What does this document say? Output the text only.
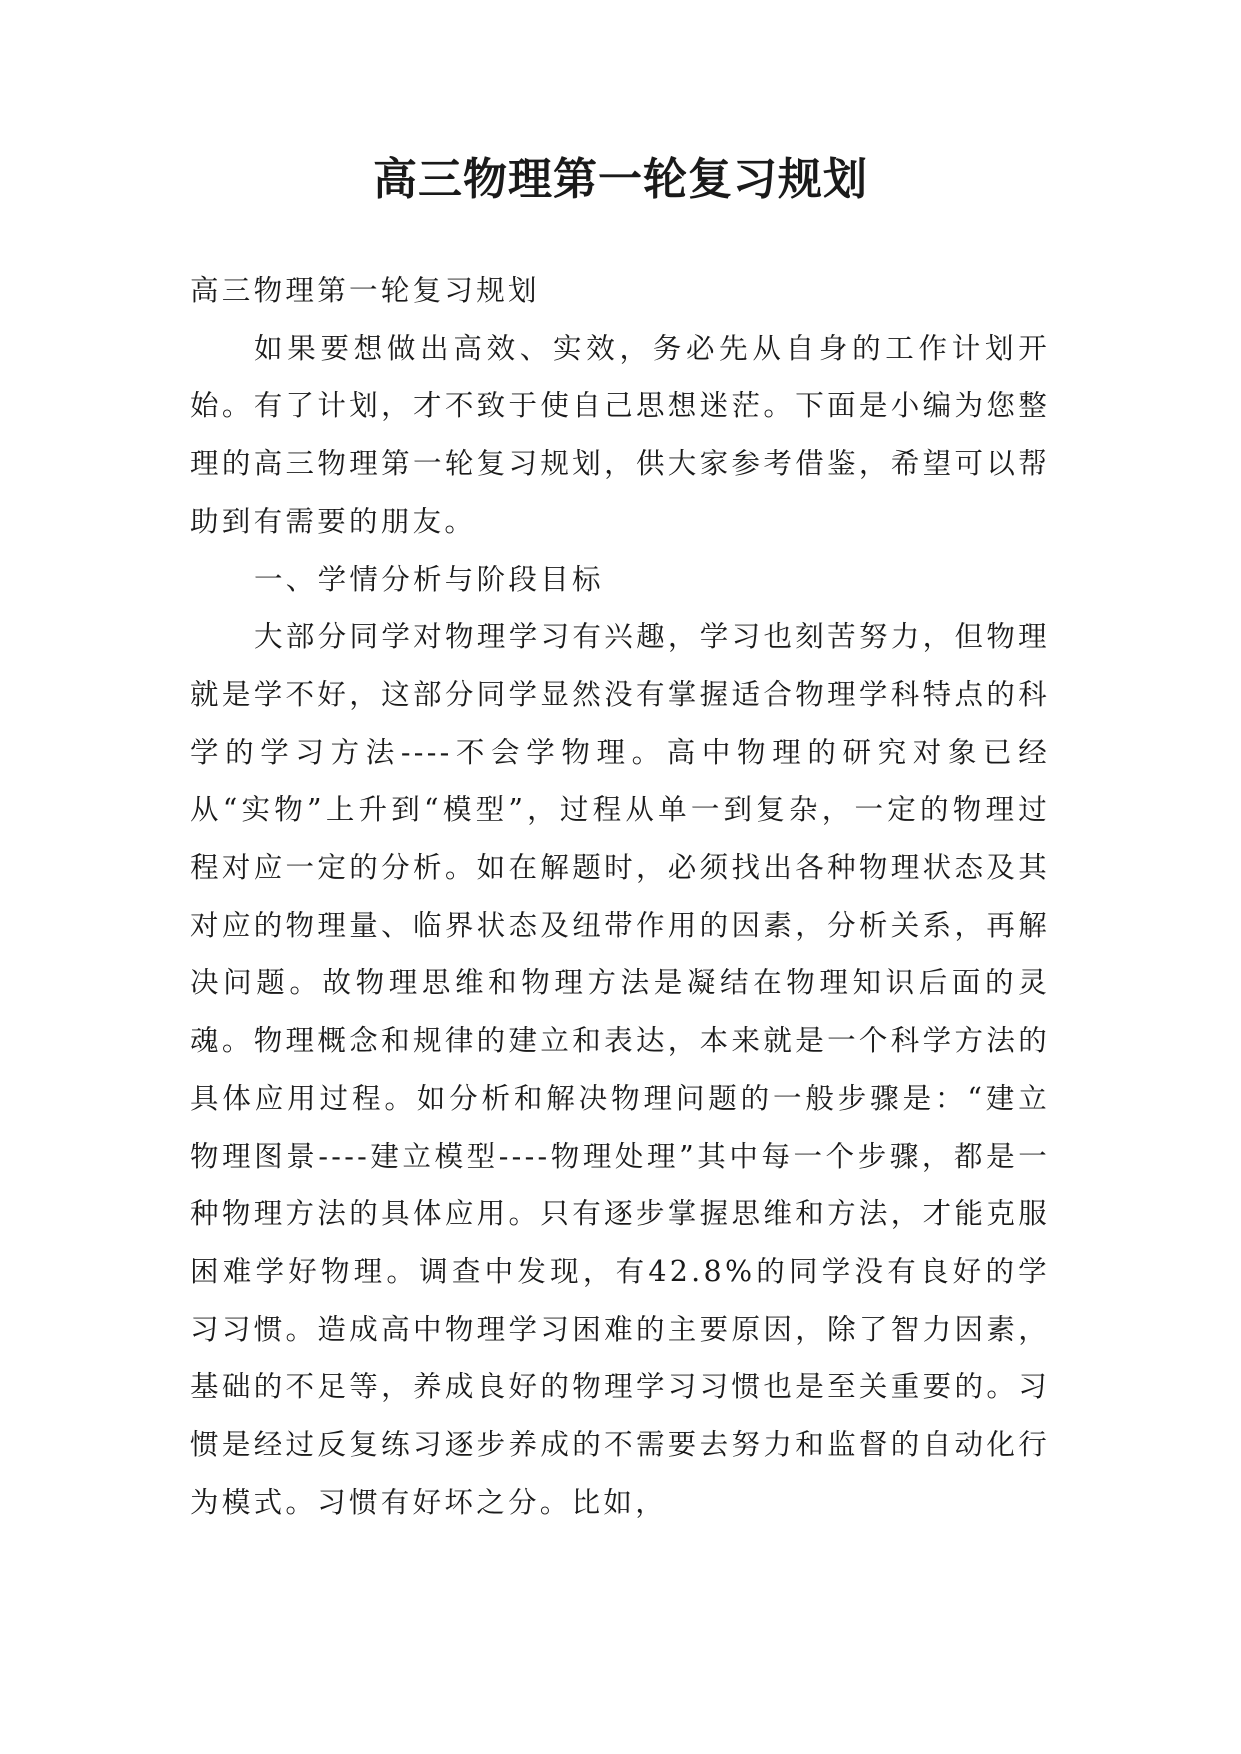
高三物理第一轮复习规划

高三物理第一轮复习规划

如果要想做出高效、实效，务必先从自身的工作计划开始。有了计划，才不致于使自己思想迷茫。下面是小编为您整理的高三物理第一轮复习规划，供大家参考借鉴，希望可以帮助到有需要的朋友。

一、学情分析与阶段目标

大部分同学对物理学习有兴趣，学习也刻苦努力，但物理就是学不好，这部分同学显然没有掌握适合物理学科特点的科学的学习方法----不会学物理。高中物理的研究对象已经从“实物”上升到“模型”，过程从单一到复杂，一定的物理过程对应一定的分析。如在解题时，必须找出各种物理状态及其对应的物理量、临界状态及纽带作用的因素，分析关系，再解决问题。故物理思维和物理方法是凝结在物理知识后面的灵魂。物理概念和规律的建立和表达，本来就是一个科学方法的具体应用过程。如分析和解决物理问题的一般步骤是：“建立物理图景----建立模型----物理处理”其中每一个步骤，都是一种物理方法的具体应用。只有逐步掌握思维和方法，才能克服困难学好物理。调查中发现，有42.8%的同学没有良好的学习习惯。造成高中物理学习困难的主要原因，除了智力因素，基础的不足等，养成良好的物理学习习惯也是至关重要的。习惯是经过反复练习逐步养成的不需要去努力和监督的自动化行为模式。习惯有好坏之分。比如，
